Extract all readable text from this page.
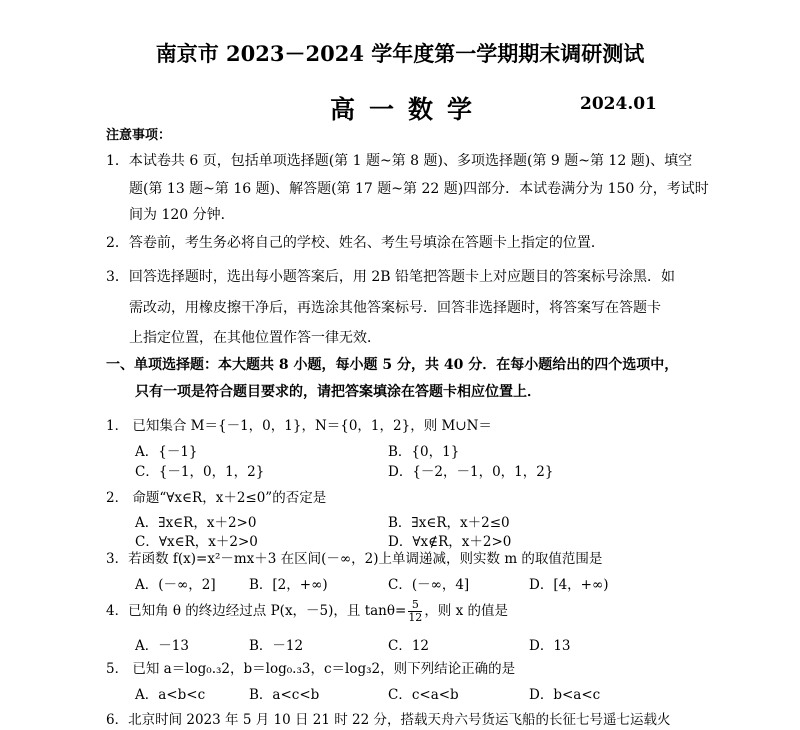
南京市 2023－2024 学年度第一学期期末调研测试
高一数学	2024.01
注意事项：
1．本试卷共 6 页，包括单项选择题(第 1 题~第 8 题)、多项选择题(第 9 题~第 12 题)、填空
题(第 13 题~第 16 题)、解答题(第 17 题~第 22 题)四部分．本试卷满分为 150 分，考试时
间为 120 分钟．
2．答卷前，考生务必将自己的学校、姓名、考生号填涂在答题卡上指定的位置．
3．回答选择题时，选出每小题答案后，用 2B 铅笔把答题卡上对应题目的答案标号涂黑．如
需改动，用橡皮擦干净后，再选涂其他答案标号．回答非选择题时，将答案写在答题卡
上指定位置，在其他位置作答一律无效．
一、单项选择题：本大题共 8 小题，每小题 5 分，共 40 分．在每小题给出的四个选项中，
只有一项是符合题目要求的，请把答案填涂在答题卡相应位置上．
1． 已知集合 M＝{－1，0，1}，N＝{0，1，2}，则 M∪N＝
A．{－1}	B．{0，1}
C．{－1，0，1，2}	D．{－2，－1，0，1，2}
2． 命题“∀x∈R，x＋2≤0”的否定是
A．∃x∈R，x＋2>0	B．∃x∈R，x＋2≤0
C．∀x∈R，x＋2>0	D．∀x∉R，x＋2>0
3．若函数 f(x)=x²－mx＋3 在区间(－∞，2)上单调递减，则实数 m 的取值范围是
A．(－∞，2] B．[2，+∞)	C．(－∞，4]	D．[4，+∞)
4．已知角 θ 的终边经过点 P(x，－5)，且 $\tan\theta= \frac{5}{12}$ ，则 x 的值是
A．－13	B．－12	C．12	D．13
5． 已知 a＝log₀.₃2，b＝log₀.₃3，c＝log₃2，则下列结论正确的是
A．a<b<c	B．a<c<b	C．c<a<b	D．b<a<c
6．北京时间 2023 年 5 月 10 日 21 时 22 分，搭载天舟六号货运飞船的长征七号遥七运载火
